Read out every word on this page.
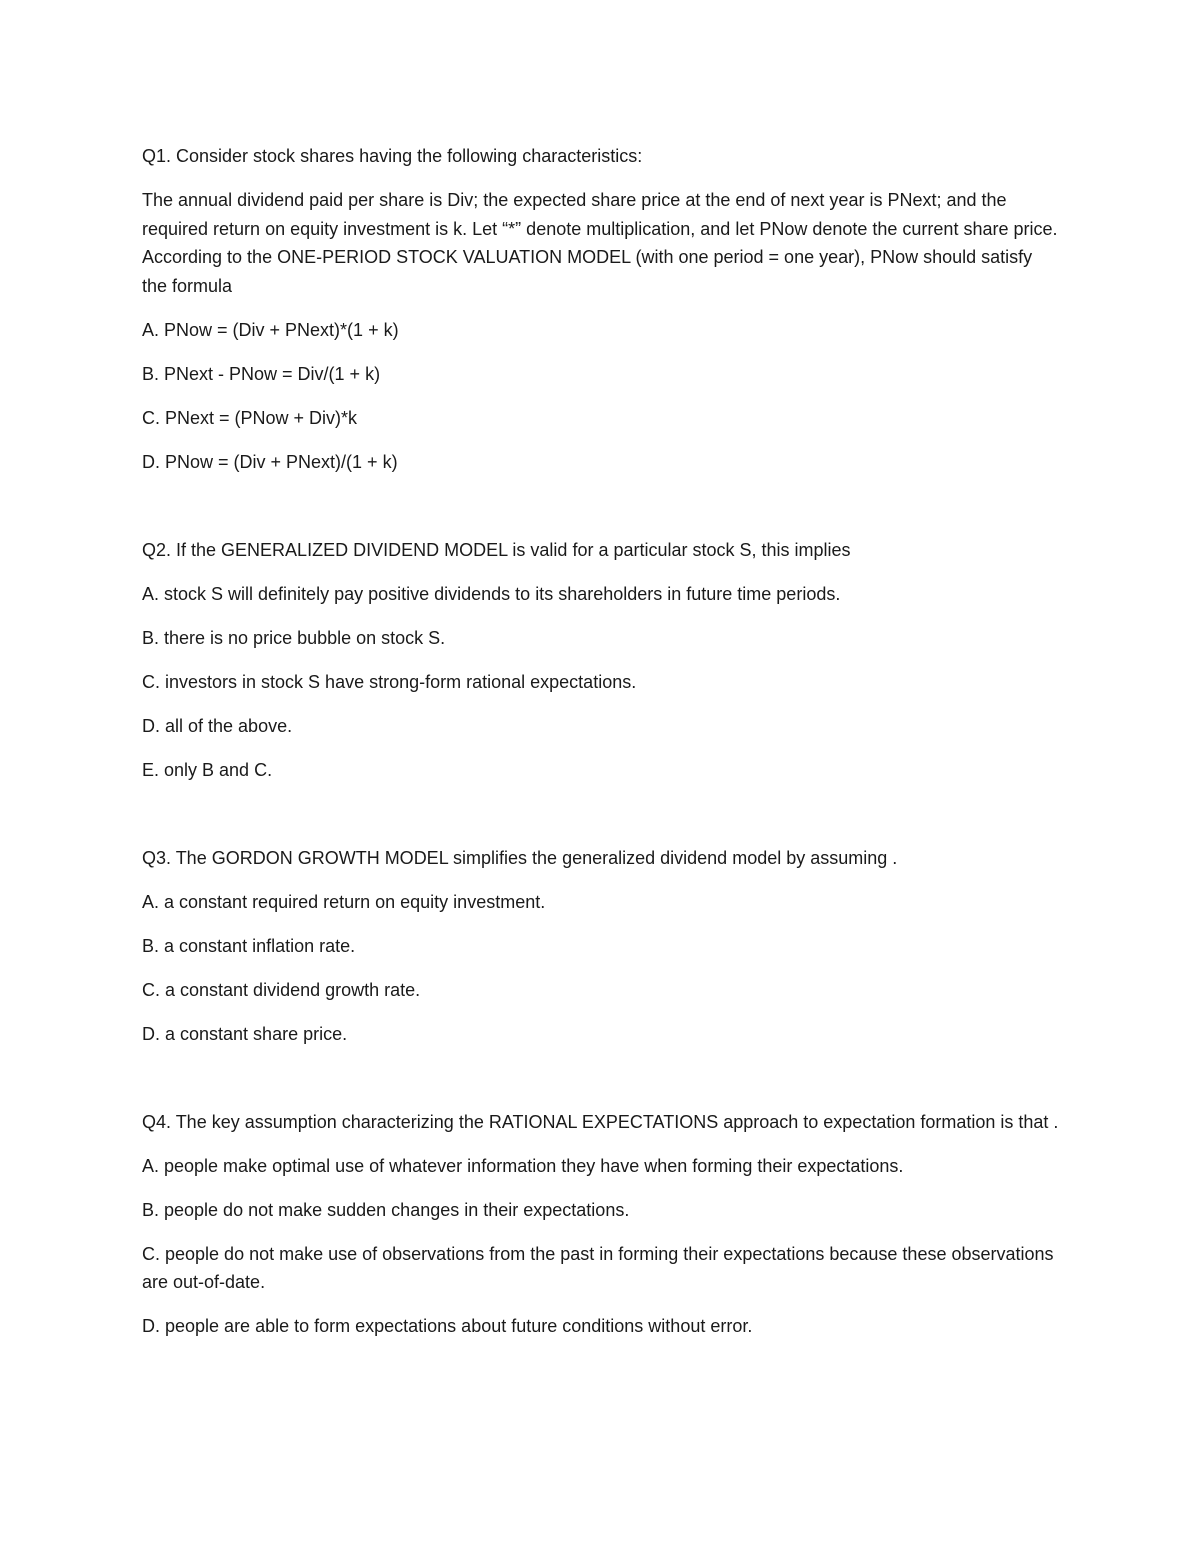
Q1. Consider stock shares having the following characteristics:

The annual dividend paid per share is Div; the expected share price at the end of next year is PNext; and the required return on equity investment is k. Let “*” denote multiplication, and let PNow denote the current share price. According to the ONE-PERIOD STOCK VALUATION MODEL (with one period = one year), PNow should satisfy the formula

A. PNow = (Div + PNext)*(1 + k)

B. PNext - PNow = Div/(1 + k)

C. PNext = (PNow + Div)*k

D. PNow = (Div + PNext)/(1 + k)

Q2. If the GENERALIZED DIVIDEND MODEL is valid for a particular stock S, this implies

A. stock S will definitely pay positive dividends to its shareholders in future time periods.

B. there is no price bubble on stock S.

C. investors in stock S have strong-form rational expectations.

D. all of the above.

E. only B and C.

Q3. The GORDON GROWTH MODEL simplifies the generalized dividend model by assuming .

A. a constant required return on equity investment.

B. a constant inflation rate.

C. a constant dividend growth rate.

D. a constant share price.

Q4. The key assumption characterizing the RATIONAL EXPECTATIONS approach to expectation formation is that .

A. people make optimal use of whatever information they have when forming their expectations.

B. people do not make sudden changes in their expectations.

C. people do not make use of observations from the past in forming their expectations because these observations are out-of-date.

D. people are able to form expectations about future conditions without error.
